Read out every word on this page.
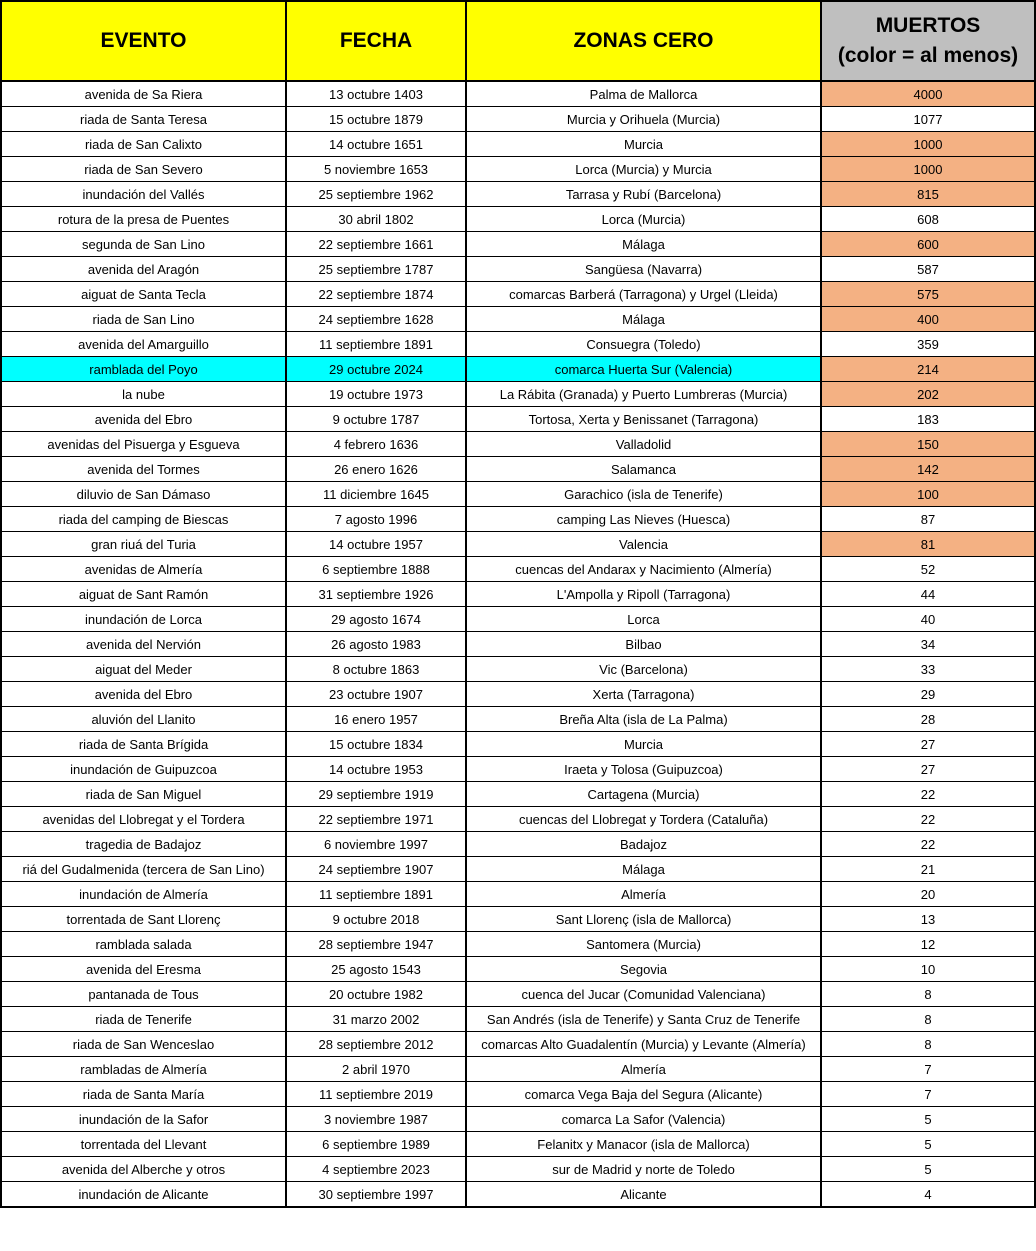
EVENTO	FECHA	ZONAS CERO	MUERTOS
(color = al menos)

avenida de Sa Riera	13 octubre 1403	Palma de Mallorca	4000
riada de Santa Teresa	15 octubre 1879	Murcia y Orihuela (Murcia)	1077
riada de San Calixto	14 octubre 1651	Murcia	1000
riada de San Severo	5 noviembre 1653	Lorca (Murcia) y Murcia	1000
inundación del Vallés	25 septiembre 1962	Tarrasa y Rubí (Barcelona)	815
rotura de la presa de Puentes	30 abril 1802	Lorca (Murcia)	608
segunda de San Lino	22 septiembre 1661	Málaga	600
avenida del Aragón	25 septiembre 1787	Sangüesa (Navarra)	587
aiguat de Santa Tecla	22 septiembre 1874	comarcas Barberá (Tarragona) y Urgel (Lleida)	575
riada de San Lino	24 septiembre 1628	Málaga	400
avenida del Amarguillo	11 septiembre 1891	Consuegra (Toledo)	359
ramblada del Poyo	29 octubre 2024	comarca Huerta Sur (Valencia)	214
la nube	19 octubre 1973	La Rábita (Granada) y Puerto Lumbreras (Murcia)	202
avenida del Ebro	9 octubre 1787	Tortosa, Xerta y Benissanet (Tarragona)	183
avenidas del Pisuerga y Esgueva	4 febrero 1636	Valladolid	150
avenida del Tormes	26 enero 1626	Salamanca	142
diluvio de San Dámaso	11 diciembre 1645	Garachico (isla de Tenerife)	100
riada del camping de Biescas	7 agosto 1996	camping Las Nieves (Huesca)	87
gran riuá del Turia	14 octubre 1957	Valencia	81
avenidas de Almería	6 septiembre 1888	cuencas del Andarax y Nacimiento (Almería)	52
aiguat de Sant Ramón	31 septiembre 1926	L'Ampolla y Ripoll (Tarragona)	44
inundación de Lorca	29 agosto 1674	Lorca	40
avenida del Nervión	26 agosto 1983	Bilbao	34
aiguat del Meder	8 octubre 1863	Vic (Barcelona)	33
avenida del Ebro	23 octubre 1907	Xerta (Tarragona)	29
aluvión del Llanito	16 enero 1957	Breña Alta (isla de La Palma)	28
riada de Santa Brígida	15 octubre 1834	Murcia	27
inundación de Guipuzcoa	14 octubre 1953	Iraeta y Tolosa (Guipuzcoa)	27
riada de San Miguel	29 septiembre 1919	Cartagena (Murcia)	22
avenidas del Llobregat y el Tordera	22 septiembre 1971	cuencas del Llobregat y Tordera (Cataluña)	22
tragedia de Badajoz	6 noviembre 1997	Badajoz	22
riá del Gudalmenida (tercera de San Lino)	24 septiembre 1907	Málaga	21
inundación de Almería	11 septiembre 1891	Almería	20
torrentada de Sant Llorenç	9 octubre 2018	Sant Llorenç (isla de Mallorca)	13
ramblada salada	28 septiembre 1947	Santomera (Murcia)	12
avenida del Eresma	25 agosto 1543	Segovia	10
pantanada de Tous	20 octubre 1982	cuenca del Jucar (Comunidad Valenciana)	8
riada de Tenerife	31 marzo 2002	San Andrés (isla de Tenerife) y Santa Cruz de Tenerife	8
riada de San Wenceslao	28 septiembre 2012	comarcas Alto Guadalentín (Murcia) y Levante (Almería)	8
rambladas de Almería	2 abril 1970	Almería	7
riada de Santa María	11 septiembre 2019	comarca Vega Baja del Segura (Alicante)	7
inundación de la Safor	3 noviembre 1987	comarca La Safor (Valencia)	5
torrentada del Llevant	6 septiembre 1989	Felanitx y Manacor (isla de Mallorca)	5
avenida del Alberche y otros	4 septiembre 2023	sur de Madrid y norte de Toledo	5
inundación de Alicante	30 septiembre 1997	Alicante	4
